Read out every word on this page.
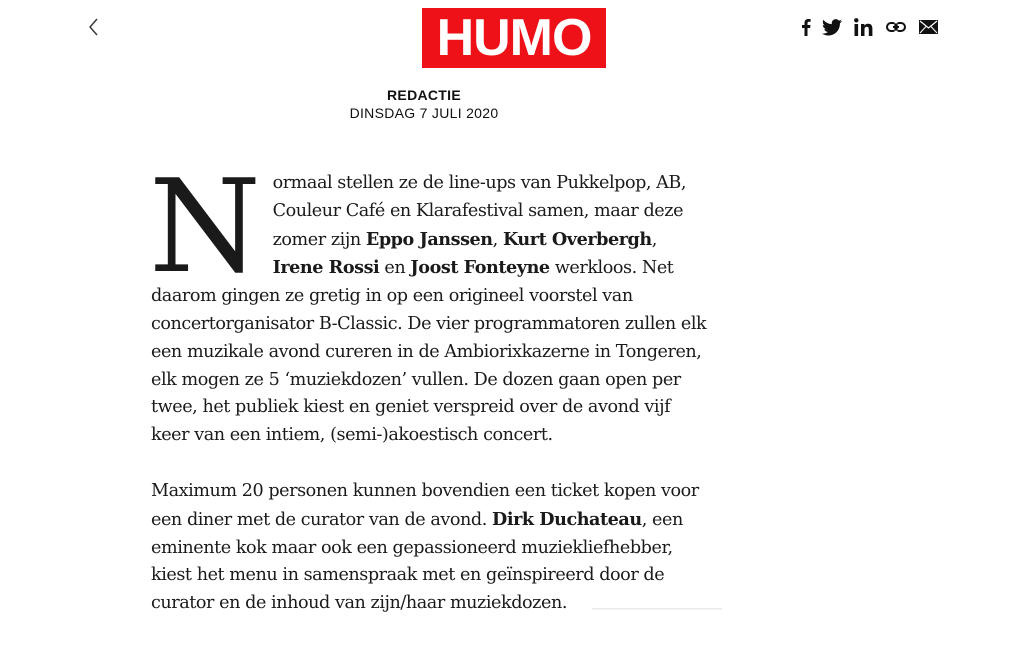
HUMO
REDACTIE
DINSDAG 7 JULI 2020

Normaal stellen ze de line-ups van Pukkelpop, AB, Couleur Café en Klarafestival samen, maar deze zomer zijn Eppo Janssen, Kurt Overbergh, Irene Rossi en Joost Fonteyne werkloos. Net daarom gingen ze gretig in op een origineel voorstel van concertorganisator B-Classic. De vier programmatoren zullen elk een muzikale avond cureren in de Ambiorixkazerne in Tongeren, elk mogen ze 5 ‘muziekdozen’ vullen. De dozen gaan open per twee, het publiek kiest en geniet verspreid over de avond vijf keer van een intiem, (semi-)akoestisch concert.

Maximum 20 personen kunnen bovendien een ticket kopen voor een diner met de curator van de avond. Dirk Duchateau, een eminente kok maar ook een gepassioneerd muziekliefhebber, kiest het menu in samenspraak met en geïnspireerd door de curator en de inhoud van zijn/haar muziekdozen.
